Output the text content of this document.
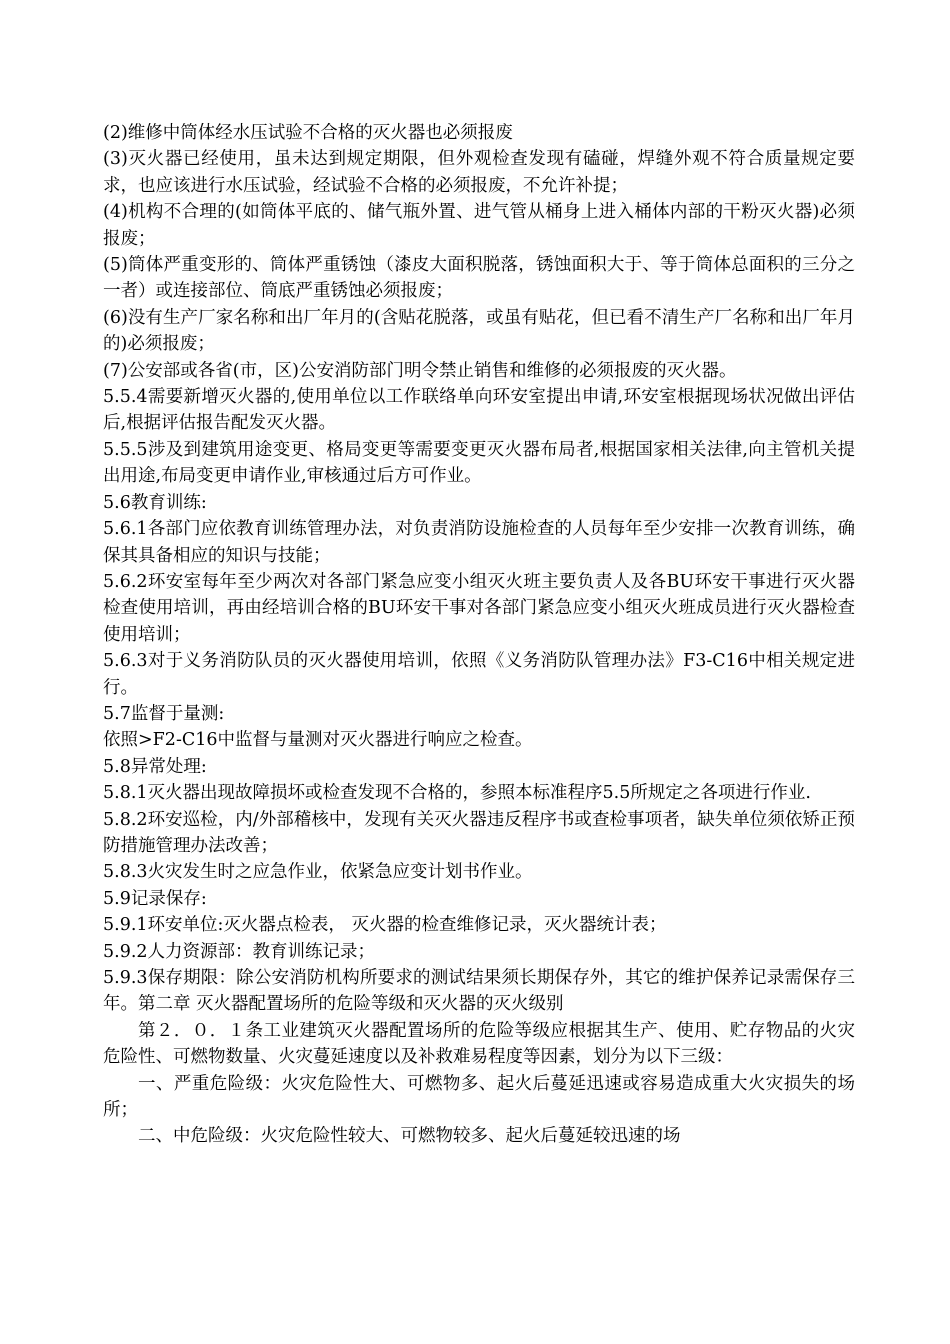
(2)维修中筒体经水压试验不合格的灭火器也必须报废

(3)灭火器已经使用，虽未达到规定期限，但外观检查发现有磕碰，焊缝外观不符合质量规定要求，也应该进行水压试验，经试验不合格的必须报废，不允许补提；

(4)机构不合理的(如筒体平底的、储气瓶外置、进气管从桶身上进入桶体内部的干粉灭火器)必须报废；

(5)筒体严重变形的、筒体严重锈蚀（漆皮大面积脱落，锈蚀面积大于、等于筒体总面积的三分之一者）或连接部位、筒底严重锈蚀必须报废；

(6)没有生产厂家名称和出厂年月的(含贴花脱落，或虽有贴花，但已看不清生产厂名称和出厂年月的)必须报废；

(7)公安部或各省(市，区)公安消防部门明令禁止销售和维修的必须报废的灭火器。

5.5.4需要新增灭火器的,使用单位以工作联络单向环安室提出申请,环安室根据现场状况做出评估后,根据评估报告配发灭火器。

5.5.5涉及到建筑用途变更、格局变更等需要变更灭火器布局者,根据国家相关法律,向主管机关提出用途,布局变更申请作业,审核通过后方可作业。

5.6教育训练:

5.6.1各部门应依教育训练管理办法，对负责消防设施检查的人员每年至少安排一次教育训练，确保其具备相应的知识与技能；

5.6.2环安室每年至少两次对各部门紧急应变小组灭火班主要负责人及各BU环安干事进行灭火器检查使用培训，再由经培训合格的BU环安干事对各部门紧急应变小组灭火班成员进行灭火器检查使用培训；

5.6.3对于义务消防队员的灭火器使用培训，依照《义务消防队管理办法》F3-C16中相关规定进行。

5.7监督于量测:

依照>F2-C16中监督与量测对灭火器进行响应之检查。

5.8异常处理:

5.8.1灭火器出现故障损坏或检查发现不合格的，参照本标准程序5.5所规定之各项进行作业.

5.8.2环安巡检，内/外部稽核中，发现有关灭火器违反程序书或查检事项者，缺失单位须依矫正预防措施管理办法改善；

5.8.3火灾发生时之应急作业，依紧急应变计划书作业。

5.9记录保存:

5.9.1环安单位:灭火器点检表， 灭火器的检查维修记录，灭火器统计表；

5.9.2人力资源部：教育训练记录；

5.9.3保存期限：除公安消防机构所要求的测试结果须长期保存外，其它的维护保养记录需保存三年。第二章 灭火器配置场所的危险等级和灭火器的灭火级别

第２．０．１条工业建筑灭火器配置场所的危险等级应根据其生产、使用、贮存物品的火灾危险性、可燃物数量、火灾蔓延速度以及补救难易程度等因素，划分为以下三级：

一、严重危险级：火灾危险性大、可燃物多、起火后蔓延迅速或容易造成重大火灾损失的场所；

二、中危险级：火灾危险性较大、可燃物较多、起火后蔓延较迅速的场
